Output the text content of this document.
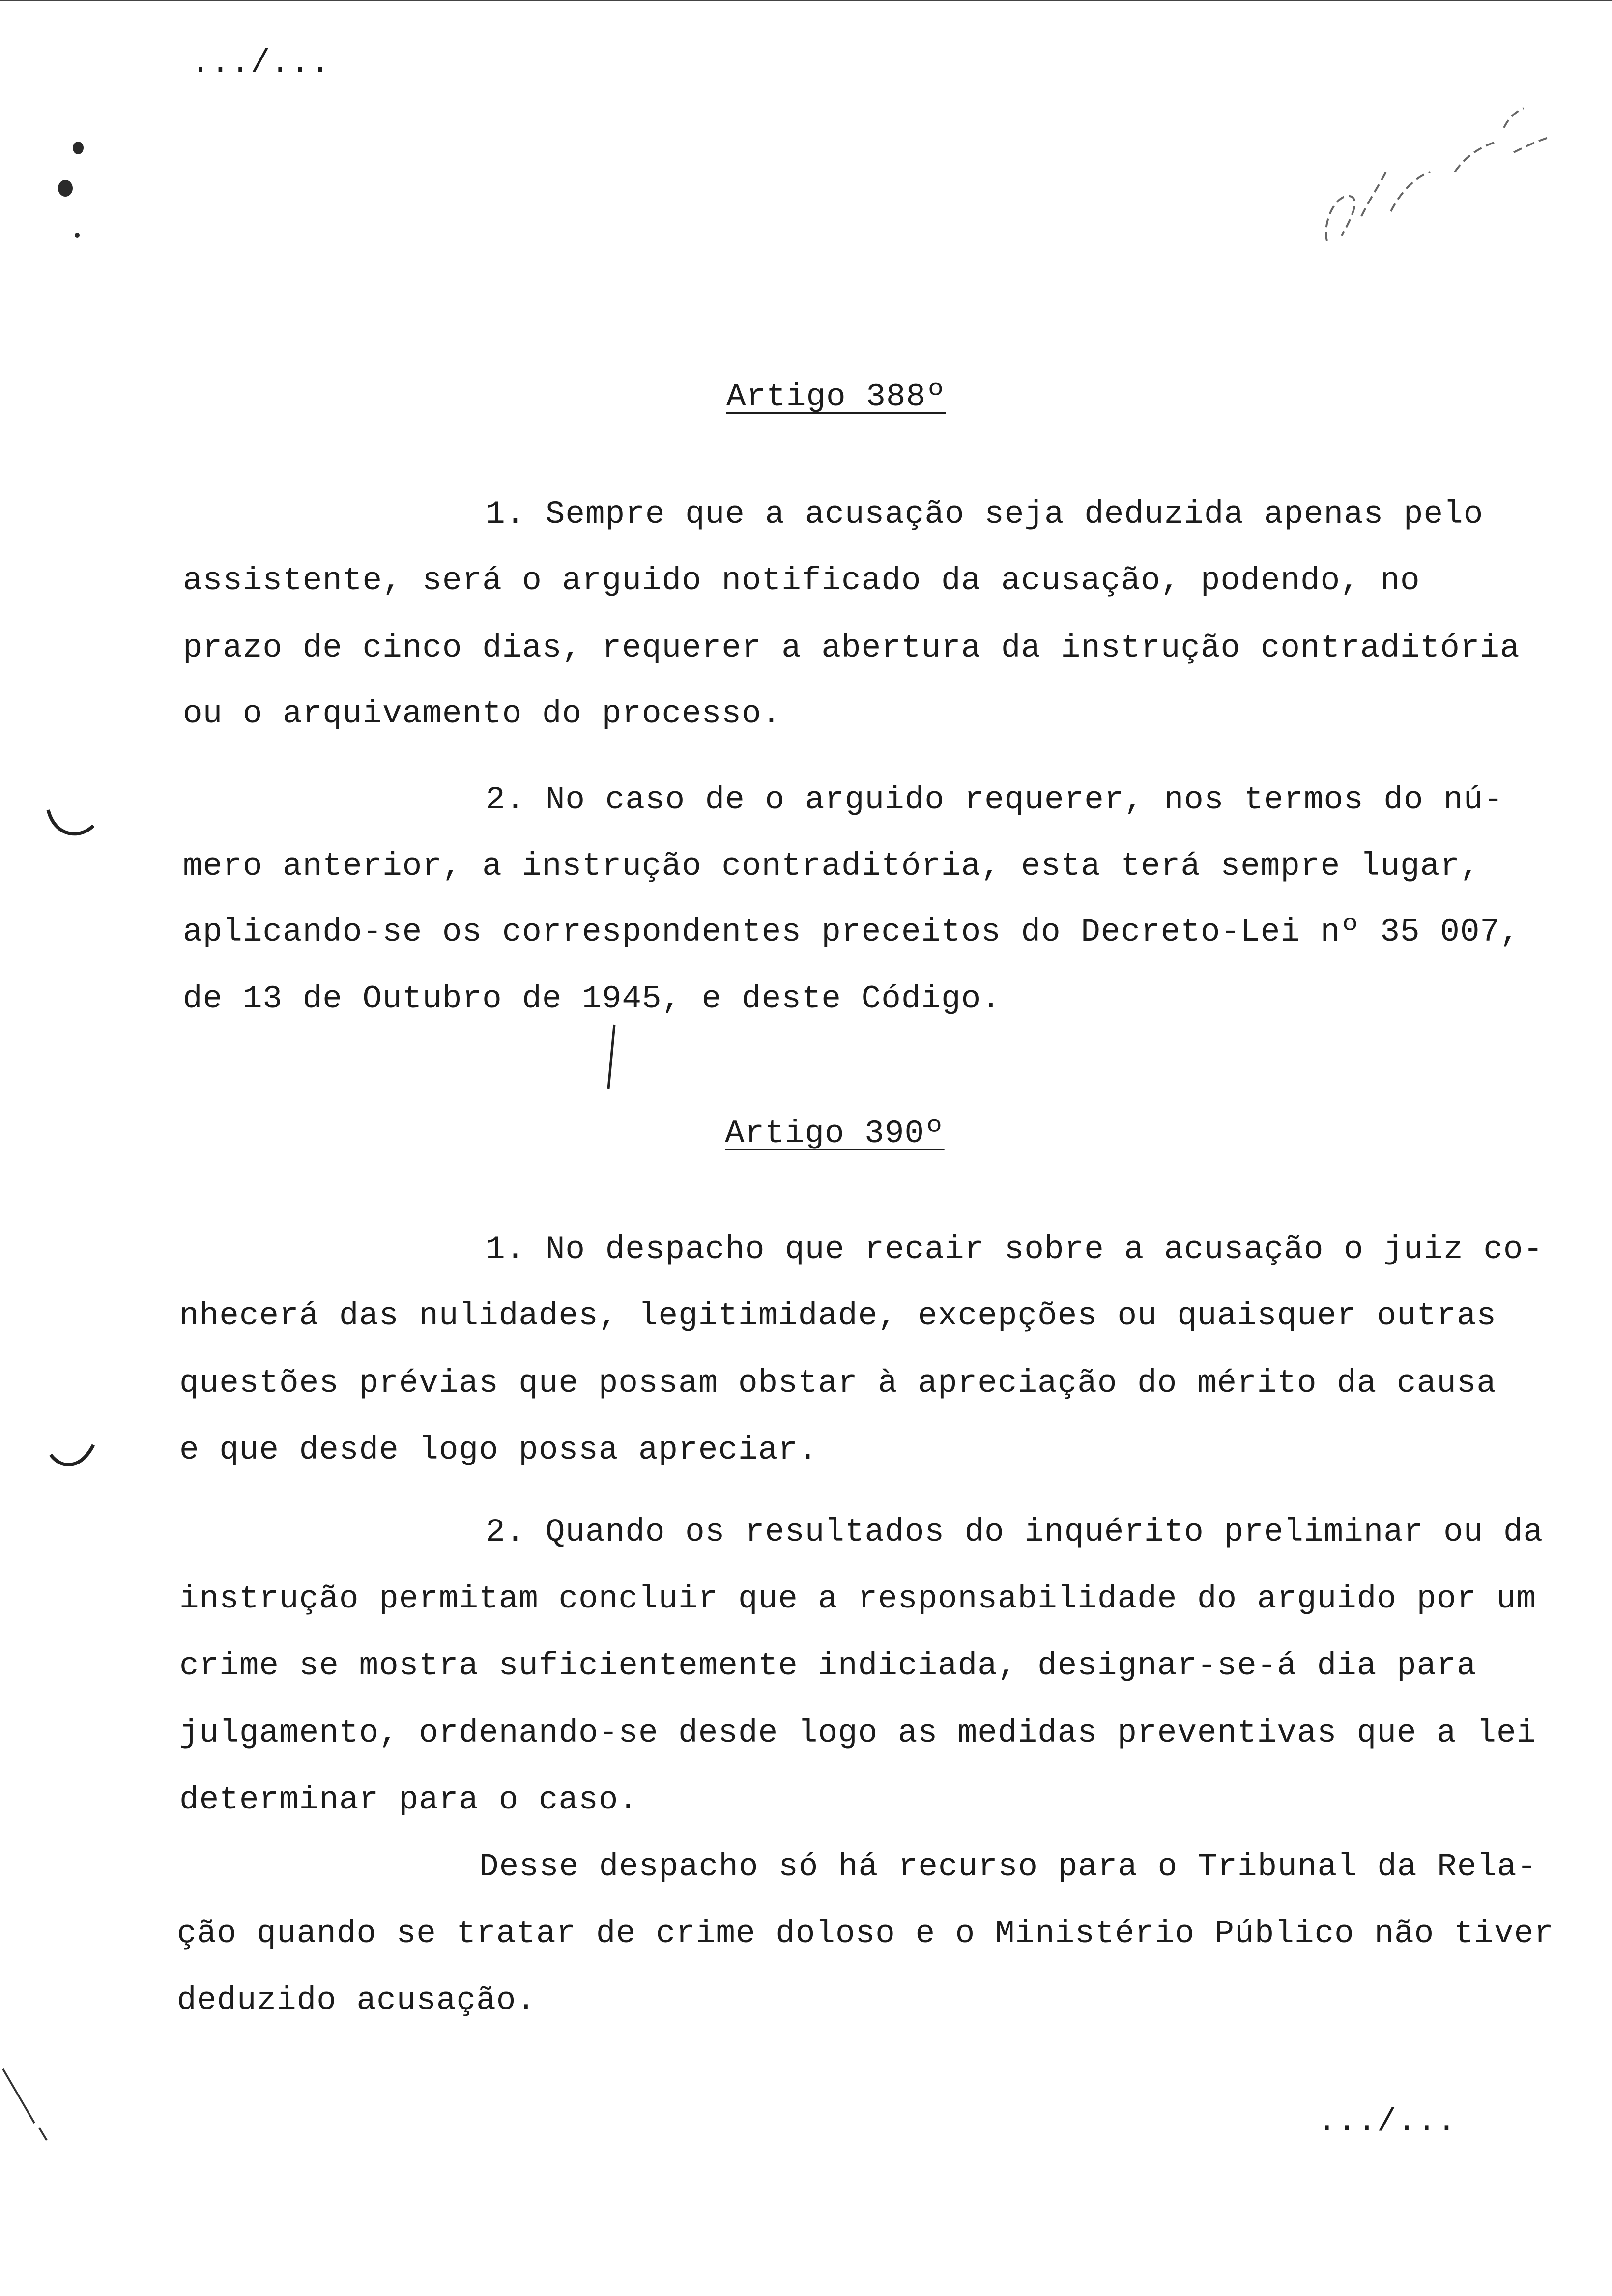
.../...
Artigo 388º
1. Sempre que a acusação seja deduzida apenas pelo
assistente, será o arguido notificado da acusação, podendo, no
prazo de cinco dias, requerer a abertura da instrução contraditória
ou o arquivamento do processo.
2. No caso de o arguido requerer, nos termos do nú-
mero anterior, a instrução contraditória, esta terá sempre lugar,
aplicando-se os correspondentes preceitos do Decreto-Lei nº 35 007,
de 13 de Outubro de 1945, e deste Código.
Artigo 390º
1. No despacho que recair sobre a acusação o juiz co-
nhecerá das nulidades, legitimidade, excepções ou quaisquer outras
questões prévias que possam obstar à apreciação do mérito da causa
e que desde logo possa apreciar.
2. Quando os resultados do inquérito preliminar ou da
instrução permitam concluir que a responsabilidade do arguido por um
crime se mostra suficientemente indiciada, designar-se-á dia para
julgamento, ordenando-se desde logo as medidas preventivas que a lei
determinar para o caso.
Desse despacho só há recurso para o Tribunal da Rela-
ção quando se tratar de crime doloso e o Ministério Público não tiver
deduzido acusação.
.../...
